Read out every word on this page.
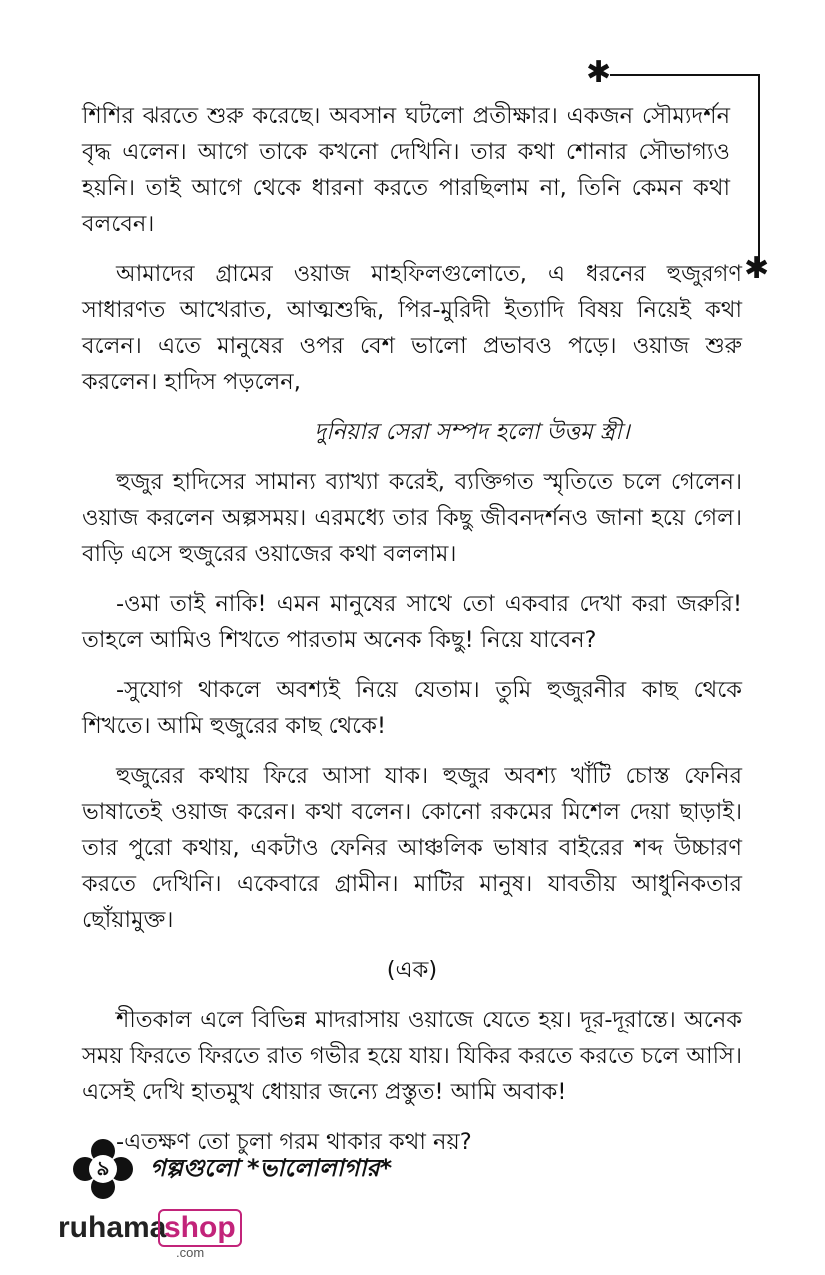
✱
✱

শিশির ঝরতে শুরু করেছে। অবসান ঘটলো প্রতীক্ষার। একজন সৌম্যদর্শন বৃদ্ধ এলেন। আগে তাকে কখনো দেখিনি। তার কথা শোনার সৌভাগ্যও হয়নি। তাই আগে থেকে ধারনা করতে পারছিলাম না, তিনি কেমন কথা বলবেন।

আমাদের গ্রামের ওয়াজ মাহফিলগুলোতে, এ ধরনের হুজুরগণ সাধারণত আখেরাত, আত্মশুদ্ধি, পির-মুরিদী ইত্যাদি বিষয় নিয়েই কথা বলেন। এতে মানুষের ওপর বেশ ভালো প্রভাবও পড়ে। ওয়াজ শুরু করলেন। হাদিস পড়লেন,

দুনিয়ার সেরা সম্পদ হলো উত্তম স্ত্রী।

হুজুর হাদিসের সামান্য ব্যাখ্যা করেই, ব্যক্তিগত স্মৃতিতে চলে গেলেন। ওয়াজ করলেন অল্পসময়। এরমধ্যে তার কিছু জীবনদর্শনও জানা হয়ে গেল। বাড়ি এসে হুজুরের ওয়াজের কথা বললাম।

-ওমা তাই নাকি! এমন মানুষের সাথে তো একবার দেখা করা জরুরি! তাহলে আমিও শিখতে পারতাম অনেক কিছু! নিয়ে যাবেন?

-সুযোগ থাকলে অবশ্যই নিয়ে যেতাম। তুমি হুজুরনীর কাছ থেকে শিখতে। আমি হুজুরের কাছ থেকে!

হুজুরের কথায় ফিরে আসা যাক। হুজুর অবশ্য খাঁটি চোস্ত ফেনির ভাষাতেই ওয়াজ করেন। কথা বলেন। কোনো রকমের মিশেল দেয়া ছাড়াই। তার পুরো কথায়, একটাও ফেনির আঞ্চলিক ভাষার বাইরের শব্দ উচ্চারণ করতে দেখিনি। একেবারে গ্রামীন। মাটির মানুষ। যাবতীয় আধুনিকতার ছোঁয়ামুক্ত।

(এক)

শীতকাল এলে বিভিন্ন মাদরাসায় ওয়াজে যেতে হয়। দূর-দূরান্তে। অনেক সময় ফিরতে ফিরতে রাত গভীর হয়ে যায়। যিকির করতে করতে চলে আসি। এসেই দেখি হাতমুখ ধোয়ার জন্যে প্রস্তুত! আমি অবাক!

-এতক্ষণ তো চুলা গরম থাকার কথা নয়?

৯	গল্পগুলো *ভালোলাগার*
ruhama
shop
.com
